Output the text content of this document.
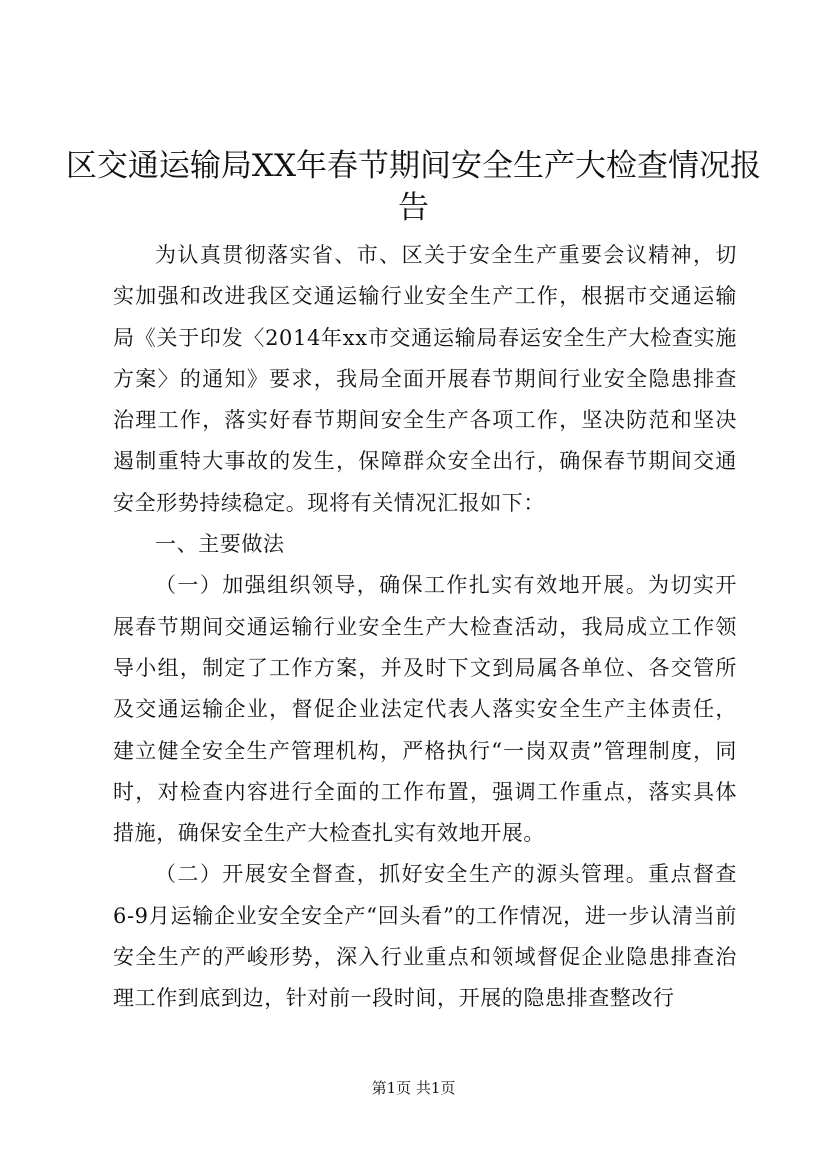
区交通运输局XX年春节期间安全生产大检查情况报告

为认真贯彻落实省、市、区关于安全生产重要会议精神，切实加强和改进我区交通运输行业安全生产工作，根据市交通运输局《关于印发〈2014年xx市交通运输局春运安全生产大检查实施方案〉的通知》要求，我局全面开展春节期间行业安全隐患排查治理工作，落实好春节期间安全生产各项工作，坚决防范和坚决遏制重特大事故的发生，保障群众安全出行，确保春节期间交通安全形势持续稳定。现将有关情况汇报如下：

一、主要做法

（一）加强组织领导，确保工作扎实有效地开展。为切实开展春节期间交通运输行业安全生产大检查活动，我局成立工作领导小组，制定了工作方案，并及时下文到局属各单位、各交管所及交通运输企业，督促企业法定代表人落实安全生产主体责任，建立健全安全生产管理机构，严格执行“一岗双责”管理制度，同时，对检查内容进行全面的工作布置，强调工作重点，落实具体措施，确保安全生产大检查扎实有效地开展。

（二）开展安全督查，抓好安全生产的源头管理。重点督查6-9月运输企业安全安全产“回头看”的工作情况，进一步认清当前安全生产的严峻形势，深入行业重点和领域督促企业隐患排查治理工作到底到边，针对前一段时间，开展的隐患排查整改行

第1页 共1页
